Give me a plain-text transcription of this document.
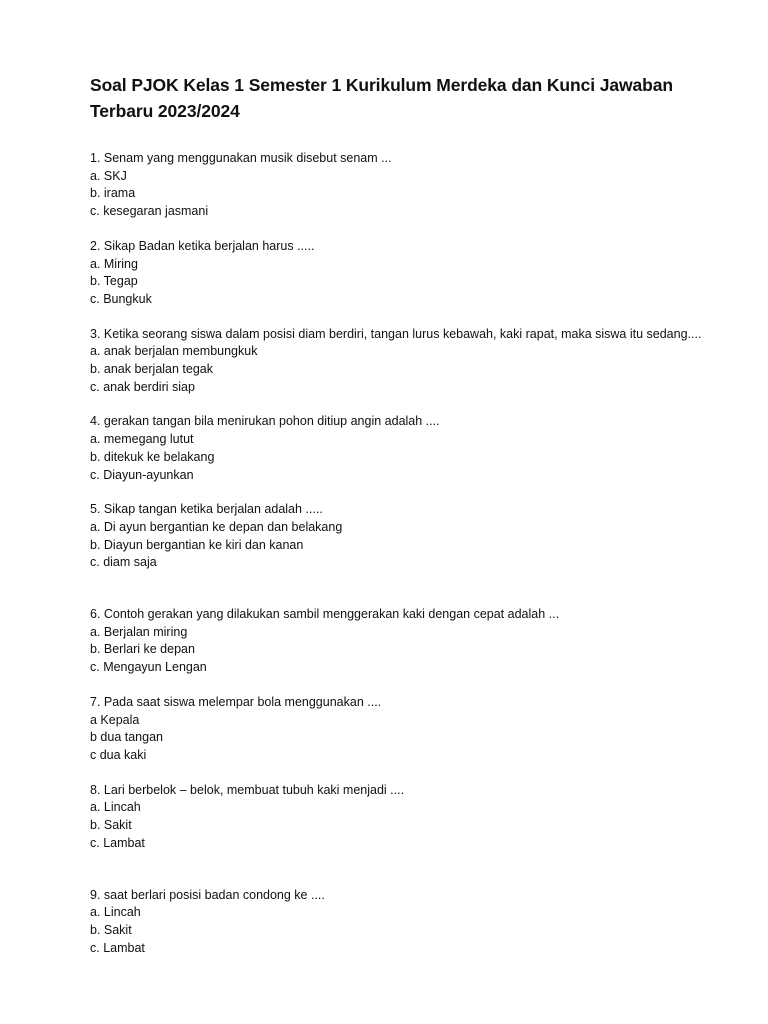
Soal PJOK Kelas 1 Semester 1 Kurikulum Merdeka dan Kunci Jawaban Terbaru 2023/2024
1. Senam yang menggunakan musik disebut senam ...
a. SKJ
b. irama
c. kesegaran jasmani
2. Sikap Badan ketika berjalan harus .....
a. Miring
b. Tegap
c. Bungkuk
3. Ketika seorang siswa dalam posisi diam berdiri, tangan lurus kebawah, kaki rapat, maka siswa itu sedang....
a. anak berjalan membungkuk
b. anak berjalan tegak
c. anak berdiri siap
4. gerakan tangan bila menirukan pohon ditiup angin adalah ....
a. memegang lutut
b. ditekuk ke belakang
c. Diayun-ayunkan
5. Sikap tangan ketika berjalan adalah .....
a. Di ayun bergantian ke depan dan belakang
b. Diayun bergantian ke kiri dan kanan
c. diam saja
6. Contoh gerakan yang dilakukan sambil menggerakan kaki dengan cepat adalah ...
a. Berjalan miring
b. Berlari ke depan
c. Mengayun Lengan
7. Pada saat siswa melempar bola menggunakan ....
a Kepala
b dua tangan
c dua kaki
8. Lari berbelok – belok, membuat tubuh kaki menjadi ....
a. Lincah
b. Sakit
c. Lambat
9. saat berlari posisi badan condong ke ....
a. Lincah
b. Sakit
c. Lambat
